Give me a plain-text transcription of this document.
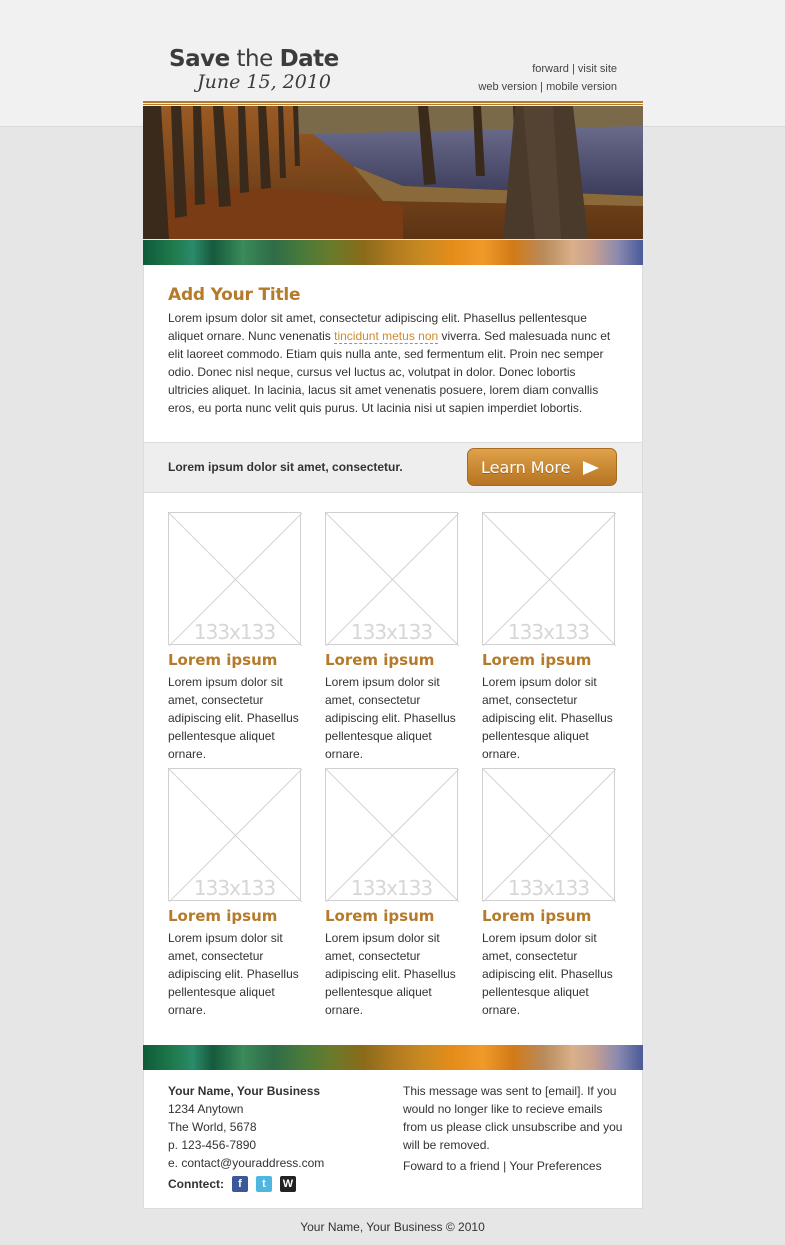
Save the Date
June 15, 2010
forward | visit site
web version | mobile version
Add Your Title
Lorem ipsum dolor sit amet, consectetur adipiscing elit. Phasellus pellentesque aliquet ornare. Nunc venenatis tincidunt metus non viverra. Sed malesuada nunc et elit laoreet commodo. Etiam quis nulla ante, sed fermentum elit. Proin nec semper odio. Donec nisl neque, cursus vel luctus ac, volutpat in dolor. Donec lobortis ultricies aliquet. In lacinia, lacus sit amet venenatis posuere, lorem diam convallis eros, eu porta nunc velit quis purus. Ut lacinia nisi ut sapien imperdiet lobortis.
Lorem ipsum dolor sit amet, consectetur.	Learn More
133x133
Lorem ipsum
Lorem ipsum dolor sit amet, consectetur adipiscing elit. Phasellus pellentesque aliquet ornare.
133x133
Lorem ipsum
Lorem ipsum dolor sit amet, consectetur adipiscing elit. Phasellus pellentesque aliquet ornare.
133x133
Lorem ipsum
Lorem ipsum dolor sit amet, consectetur adipiscing elit. Phasellus pellentesque aliquet ornare.
133x133
Lorem ipsum
Lorem ipsum dolor sit amet, consectetur adipiscing elit. Phasellus pellentesque aliquet ornare.
133x133
Lorem ipsum
Lorem ipsum dolor sit amet, consectetur adipiscing elit. Phasellus pellentesque aliquet ornare.
133x133
Lorem ipsum
Lorem ipsum dolor sit amet, consectetur adipiscing elit. Phasellus pellentesque aliquet ornare.
Your Name, Your Business
1234 Anytown
The World, 5678
p. 123-456-7890
e. contact@youraddress.com
Conntect:	f t W
This message was sent to [email]. If you would no longer like to recieve emails from us please click unsubscribe and you will be removed.
Foward to a friend | Your Preferences
Your Name, Your Business © 2010
